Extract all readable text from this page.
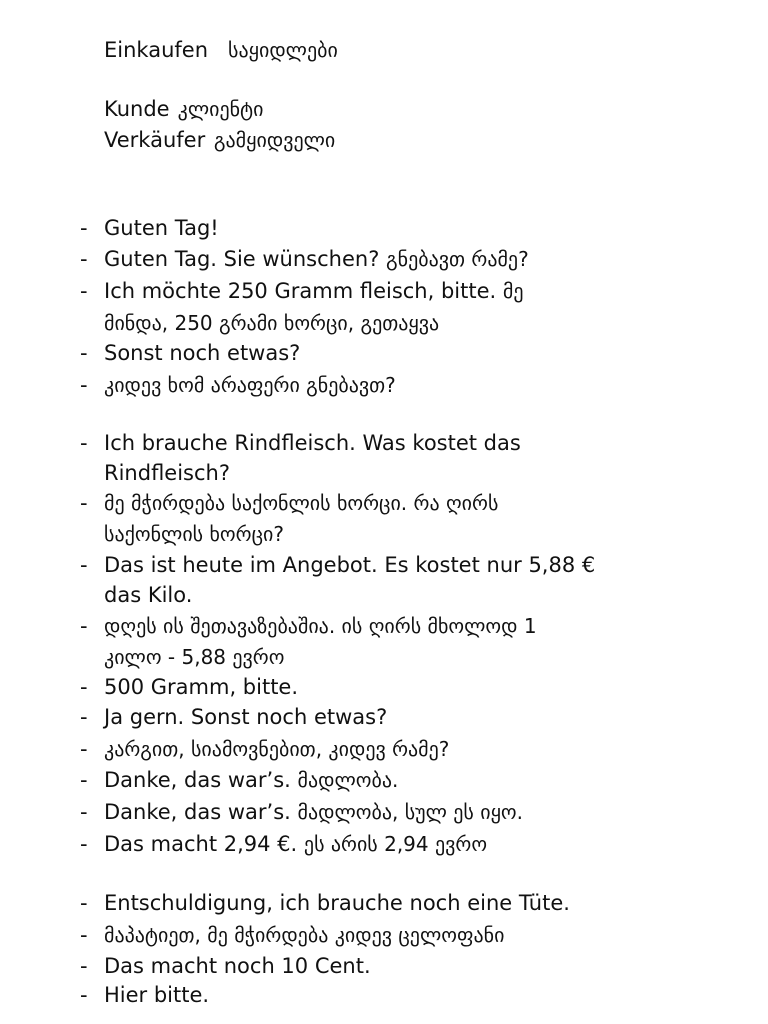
Einkaufen საყიდლები
Kunde კლიენტი
Verkäufer გამყიდველი
- Guten Tag!
- Guten Tag. Sie wünschen? გნებავთ რამე?
- Ich möchte 250 Gramm fleisch, bitte. მე
მინდა, 250 გრამი ხორცი, გეთაყვა
- Sonst noch etwas?
- კიდევ ხომ არაფერი გნებავთ?
- Ich brauche Rindfleisch. Was kostet das
Rindfleisch?
- მე მჭირდება საქონლის ხორცი. რა ღირს
საქონლის ხორცი?
- Das ist heute im Angebot. Es kostet nur 5,88 €
das Kilo.
- დღეს ის შეთავაზებაშია. ის ღირს მხოლოდ 1
კილო - 5,88 ევრო
- 500 Gramm, bitte.
- Ja gern. Sonst noch etwas?
- კარგით, სიამოვნებით, კიდევ რამე?
- Danke, das war’s. მადლობა.
- Danke, das war’s. მადლობა, სულ ეს იყო.
- Das macht 2,94 €. ეს არის 2,94 ევრო
- Entschuldigung, ich brauche noch eine Tüte.
- მაპატიეთ, მე მჭირდება კიდევ ცელოფანი
- Das macht noch 10 Cent.
- Hier bitte.
